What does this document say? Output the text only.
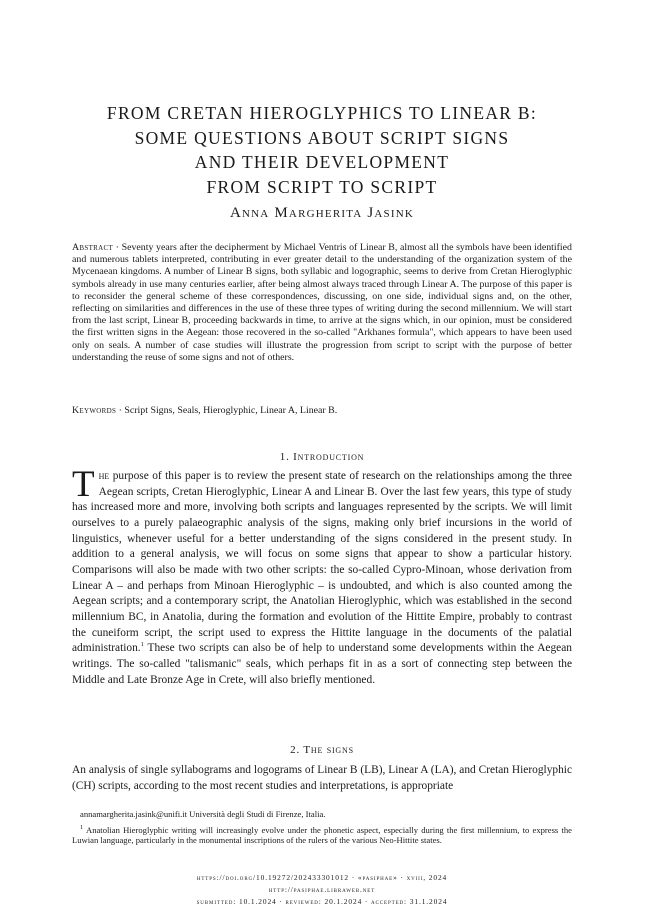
FROM CRETAN HIEROGLYPHICS TO LINEAR B:
SOME QUESTIONS ABOUT SCRIPT SIGNS
AND THEIR DEVELOPMENT
FROM SCRIPT TO SCRIPT
Anna Margherita Jasink
Abstract · Seventy years after the decipherment by Michael Ventris of Linear B, almost all the symbols have been identified and numerous tablets interpreted, contributing in ever greater detail to the understanding of the organization system of the Mycenaean kingdoms. A number of Linear B signs, both syllabic and logographic, seems to derive from Cretan Hieroglyphic symbols already in use many centuries earlier, after being almost always traced through Linear A. The purpose of this paper is to reconsider the general scheme of these correspondences, discussing, on one side, individual signs and, on the other, reflecting on similarities and differences in the use of these three types of writing during the second millennium. We will start from the last script, Linear B, proceeding backwards in time, to arrive at the signs which, in our opinion, must be considered the first written signs in the Aegean: those recovered in the so-called "Arkhanes formula", which appears to have been used only on seals. A number of case studies will illustrate the progression from script to script with the purpose of better understanding the reuse of some signs and not of others.
Keywords · Script Signs, Seals, Hieroglyphic, Linear A, Linear B.
1. Introduction
The purpose of this paper is to review the present state of research on the relationships among the three Aegean scripts, Cretan Hieroglyphic, Linear A and Linear B. Over the last few years, this type of study has increased more and more, involving both scripts and languages represented by the scripts. We will limit ourselves to a purely palaeographic analysis of the signs, making only brief incursions in the world of linguistics, whenever useful for a better understanding of the signs considered in the present study. In addition to a general analysis, we will focus on some signs that appear to show a particular history. Comparisons will also be made with two other scripts: the so-called Cypro-Minoan, whose derivation from Linear A – and perhaps from Minoan Hieroglyphic – is undoubted, and which is also counted among the Aegean scripts; and a contemporary script, the Anatolian Hieroglyphic, which was established in the second millennium BC, in Anatolia, during the formation and evolution of the Hittite Empire, probably to contrast the cuneiform script, the script used to express the Hittite language in the documents of the palatial administration.$^1$ These two scripts can also be of help to understand some developments within the Aegean writings. The so-called "talismanic" seals, which perhaps fit in as a sort of connecting step between the Middle and Late Bronze Age in Crete, will also briefly mentioned.
2. The signs
An analysis of single syllabograms and logograms of Linear B (LB), Linear A (LA), and Cretan Hieroglyphic (CH) scripts, according to the most recent studies and interpretations, is appropriate
annamargherita.jasink@unifi.it Università degli Studi di Firenze, Italia.
$^1$ Anatolian Hieroglyphic writing will increasingly evolve under the phonetic aspect, especially during the first millennium, to express the Luwian language, particularly in the monumental inscriptions of the rulers of the various Neo-Hittite states.
https://doi.org/10.19272/202433301012 · «pasiphae» · xviii, 2024
http://pasiphae.libraweb.net
submitted: 10.1.2024 · reviewed: 20.1.2024 · accepted: 31.1.2024
